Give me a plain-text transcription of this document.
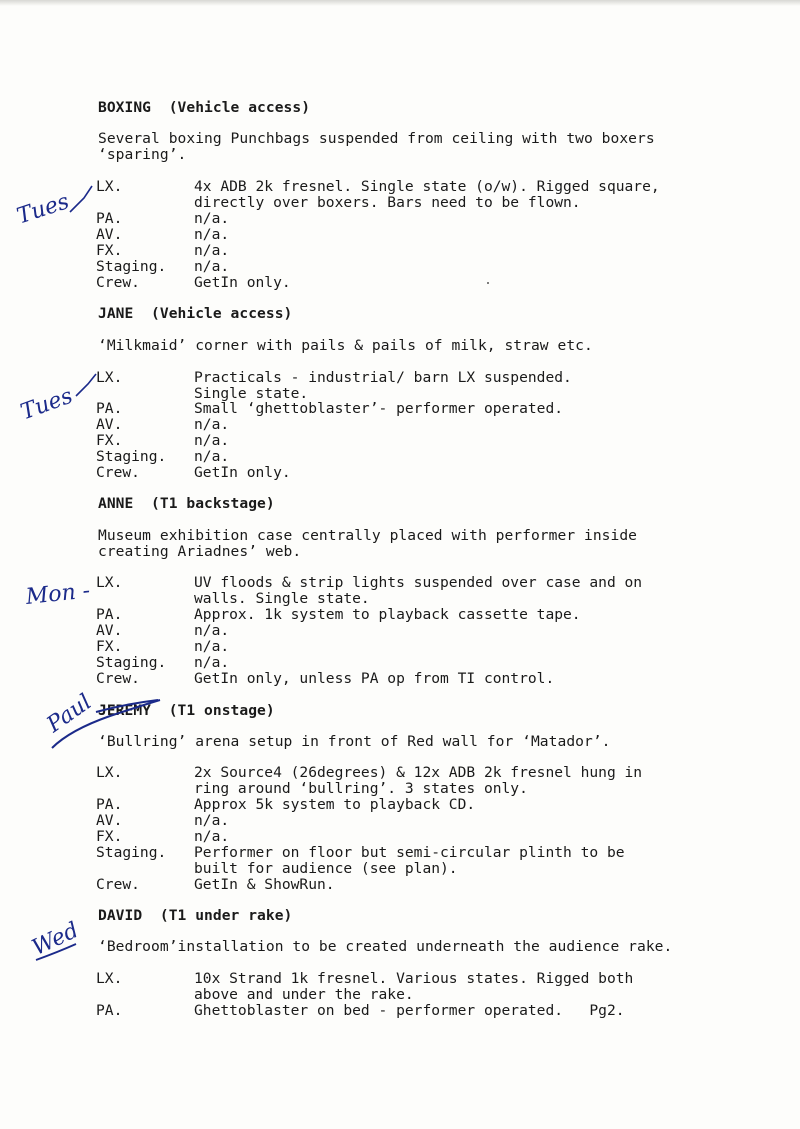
BOXING  (Vehicle access)
Several boxing Punchbags suspended from ceiling with two boxers
‘sparing’.
LX.	4x ADB 2k fresnel. Single state (o/w). Rigged square,
directly over boxers. Bars need to be flown.
PA.	n/a.
AV.	n/a.
FX.	n/a.
Staging. n/a.
Crew.	GetIn only.
JANE  (Vehicle access)
‘Milkmaid’ corner with pails & pails of milk, straw etc.
LX.	Practicals - industrial/ barn LX suspended.
Single state.
PA.	Small ‘ghettoblaster’- performer operated.
AV.	n/a.
FX.	n/a.
Staging. n/a.
Crew.	GetIn only.
ANNE  (T1 backstage)
Museum exhibition case centrally placed with performer inside
creating Ariadnes’ web.
LX.	UV floods & strip lights suspended over case and on
walls. Single state.
PA.	Approx. 1k system to playback cassette tape.
AV.	n/a.
FX.	n/a.
Staging. n/a.
Crew.	GetIn only, unless PA op from TI control.
JEREMY  (T1 onstage)
‘Bullring’ arena setup in front of Red wall for ‘Matador’.
LX.	2x Source4 (26degrees) & 12x ADB 2k fresnel hung in
ring around ‘bullring’. 3 states only.
PA.	Approx 5k system to playback CD.
AV.	n/a.
FX.	n/a.
Staging. Performer on floor but semi-circular plinth to be
built for audience (see plan).
Crew.	GetIn & ShowRun.
DAVID  (T1 under rake)
‘Bedroom’installation to be created underneath the audience rake.
LX.	10x Strand 1k fresnel. Various states. Rigged both
above and under the rake.
PA.	Ghettoblaster on bed - performer operated.   Pg2.
Tues
Tues
Mon -
Paul
Wed
